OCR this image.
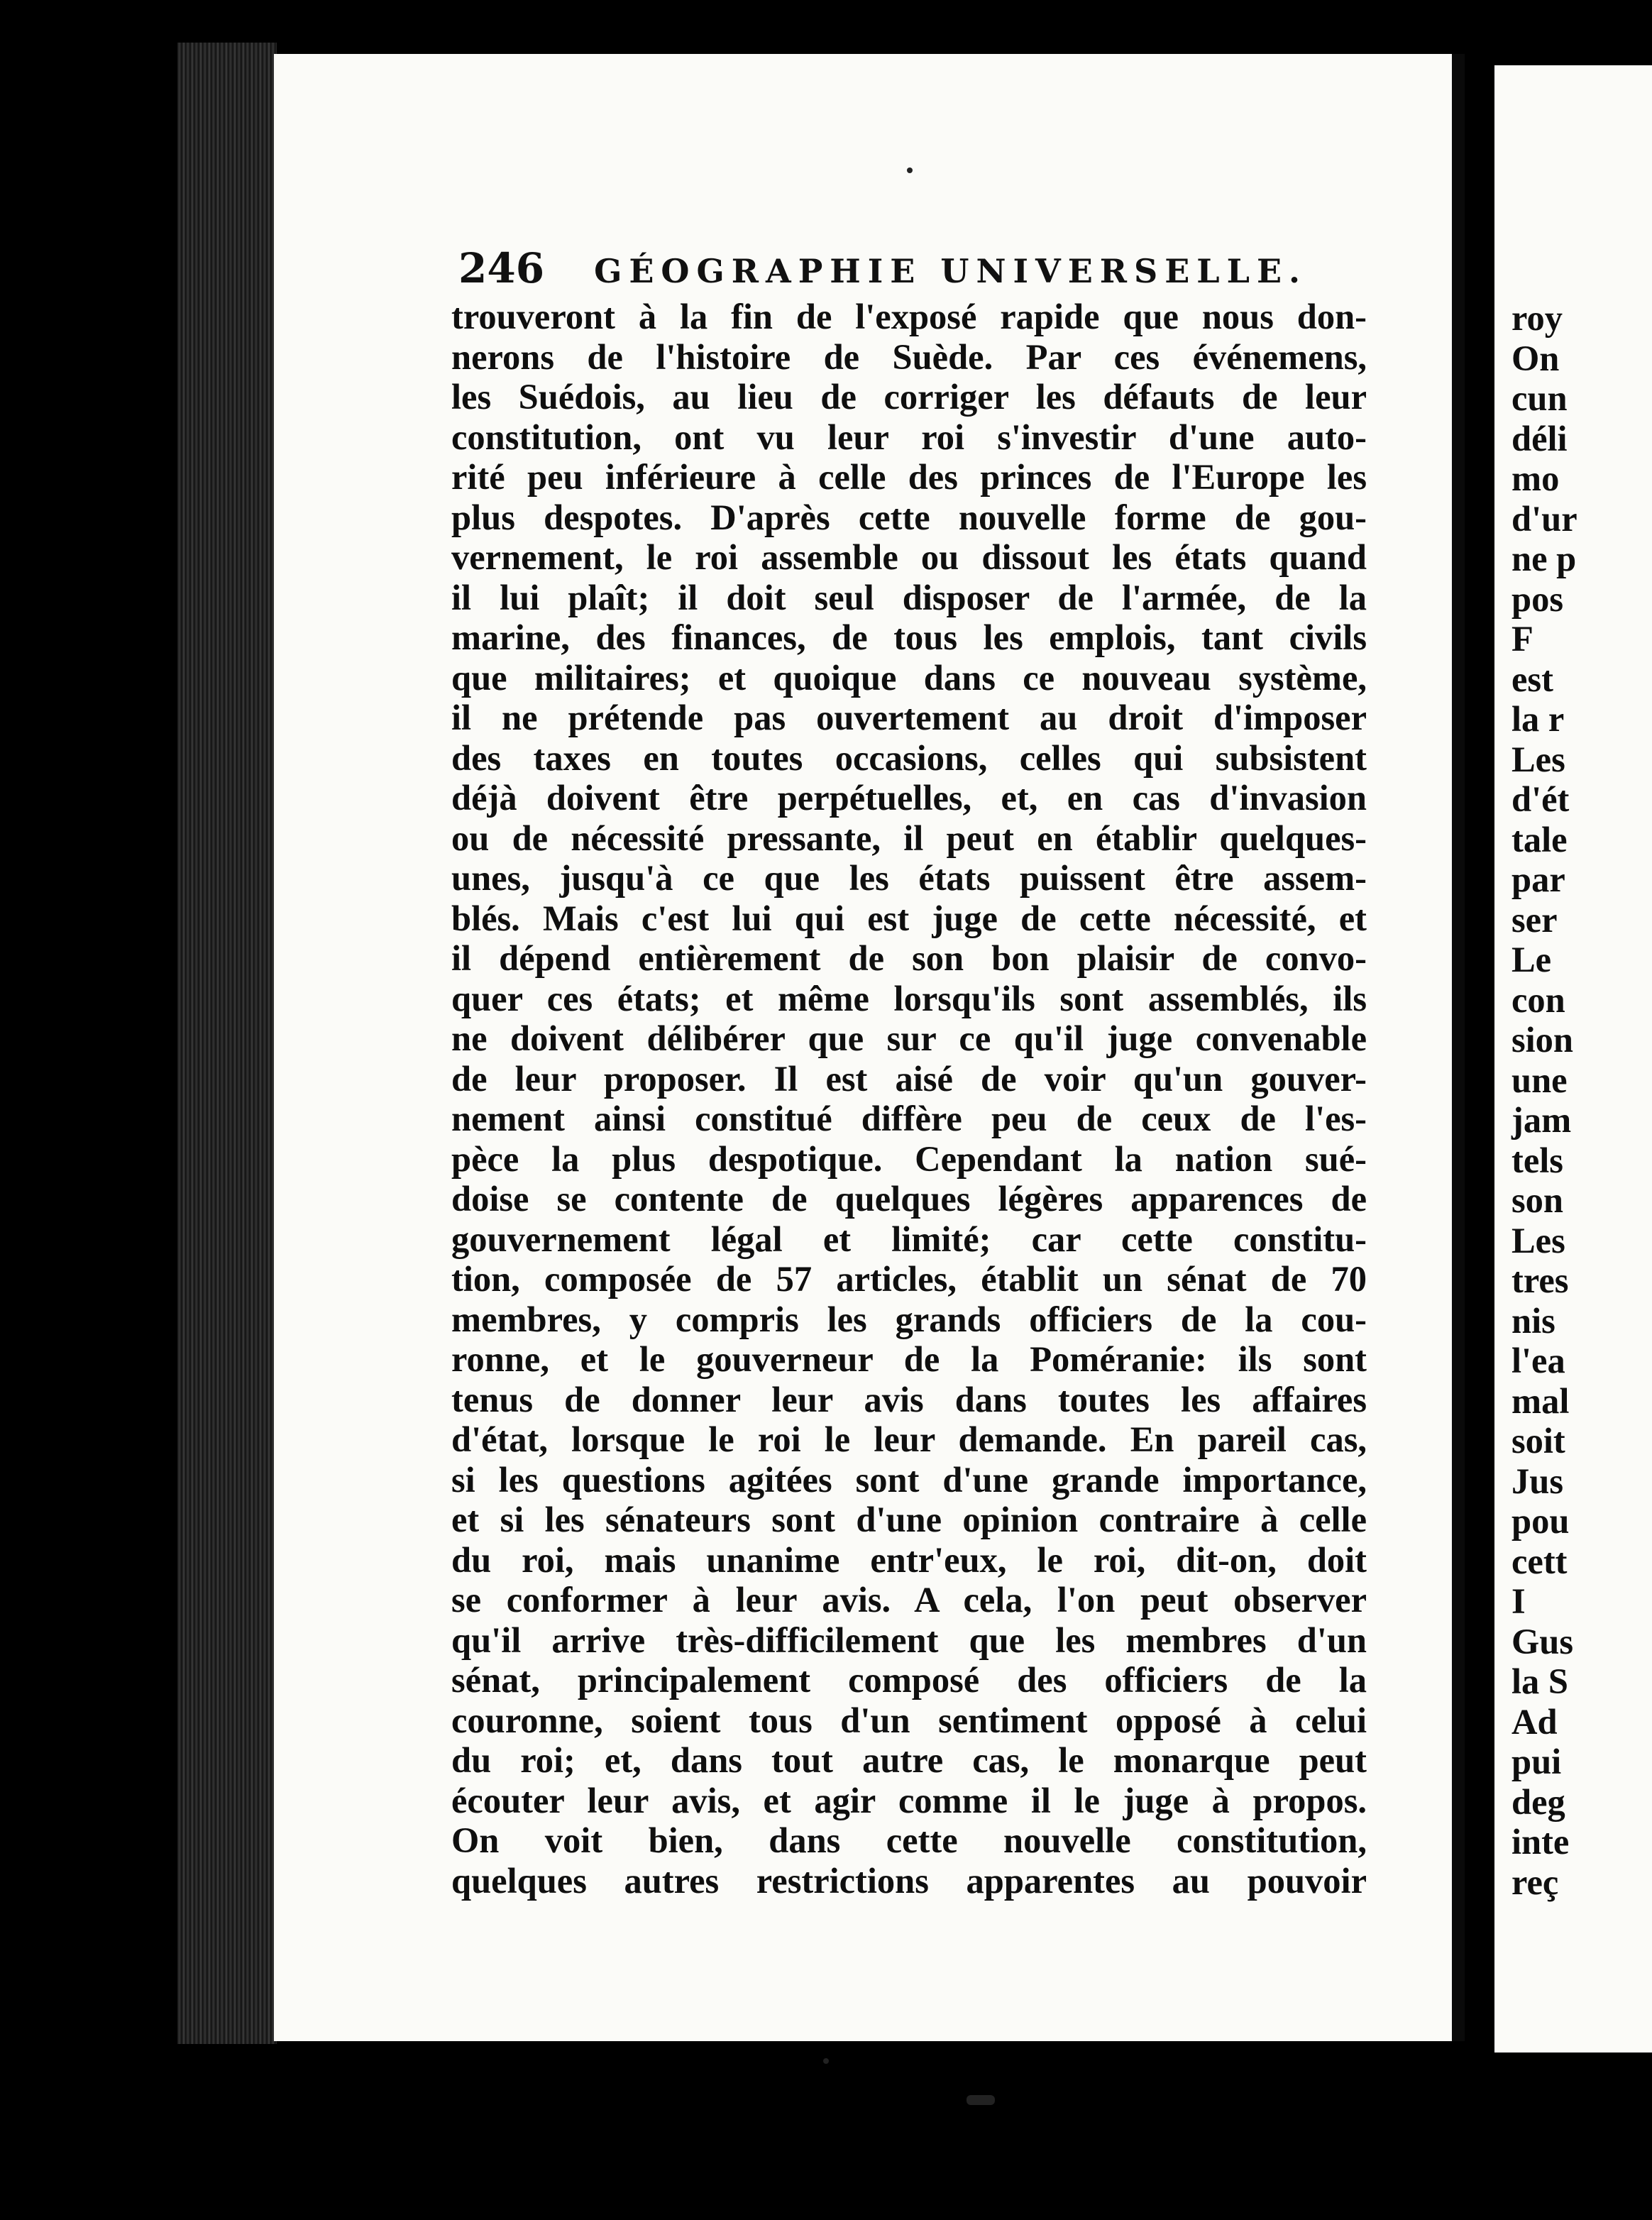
246 GÉOGRAPHIE UNIVERSELLE.
trouveront à la fin de l'exposé rapide que nous don-
nerons de l'histoire de Suède. Par ces événemens,
les Suédois, au lieu de corriger les défauts de leur
constitution, ont vu leur roi s'investir d'une auto-
rité peu inférieure à celle des princes de l'Europe les
plus despotes. D'après cette nouvelle forme de gou-
vernement, le roi assemble ou dissout les états quand
il lui plaît; il doit seul disposer de l'armée, de la
marine, des finances, de tous les emplois, tant civils
que militaires; et quoique dans ce nouveau système,
il ne prétende pas ouvertement au droit d'imposer
des taxes en toutes occasions, celles qui subsistent
déjà doivent être perpétuelles, et, en cas d'invasion
ou de nécessité pressante, il peut en établir quelques-
unes, jusqu'à ce que les états puissent être assem-
blés. Mais c'est lui qui est juge de cette nécessité, et
il dépend entièrement de son bon plaisir de convo-
quer ces états; et même lorsqu'ils sont assemblés, ils
ne doivent délibérer que sur ce qu'il juge convenable
de leur proposer. Il est aisé de voir qu'un gouver-
nement ainsi constitué diffère peu de ceux de l'es-
pèce la plus despotique. Cependant la nation sué-
doise se contente de quelques légères apparences de
gouvernement légal et limité; car cette constitu-
tion, composée de 57 articles, établit un sénat de 70
membres, y compris les grands officiers de la cou-
ronne, et le gouverneur de la Poméranie: ils sont
tenus de donner leur avis dans toutes les affaires
d'état, lorsque le roi le leur demande. En pareil cas,
si les questions agitées sont d'une grande importance,
et si les sénateurs sont d'une opinion contraire à celle
du roi, mais unanime entr'eux, le roi, dit-on, doit
se conformer à leur avis. A cela, l'on peut observer
qu'il arrive très-difficilement que les membres d'un
sénat, principalement composé des officiers de la
couronne, soient tous d'un sentiment opposé à celui
du roi; et, dans tout autre cas, le monarque peut
écouter leur avis, et agir comme il le juge à propos.
On voit bien, dans cette nouvelle constitution,
quelques autres restrictions apparentes au pouvoir
roy
On
cun
déli
mo
d'ur
ne p
pos
F
est
la r
Les
d'ét
tale
par
ser
Le
con
sion
une
jam
tels
son
Les
tres
nis
l'ea
mal
soit
Jus
pou
cett
I
Gus
la S
Ad
pui
deg
inte
reç
